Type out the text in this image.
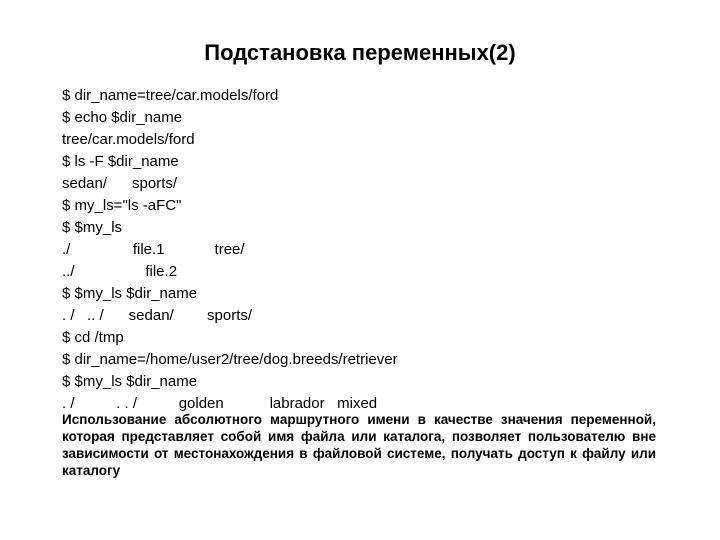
Подстановка переменных(2)
$ dir_name=tree/car.models/ford
$ echo $dir_name
tree/car.models/ford
$ ls -F $dir_name
sedan/      sports/
$ my_ls="ls -aFC"
$ $my_ls
./               file.1            tree/
../                 file.2
$ $my_ls $dir_name
. /   .. /      sedan/        sports/
$ cd /tmp
$ dir_name=/home/user2/tree/dog.breeds/retriever
$ $my_ls $dir_name
. /          . . /          golden           labrador   mixed

Использование абсолютного маршрутного имени в качестве значения переменной, которая представляет собой имя файла или каталога, позволяет пользователю вне зависимости от местонахождения в файловой системе, получать доступ к файлу или каталогу
